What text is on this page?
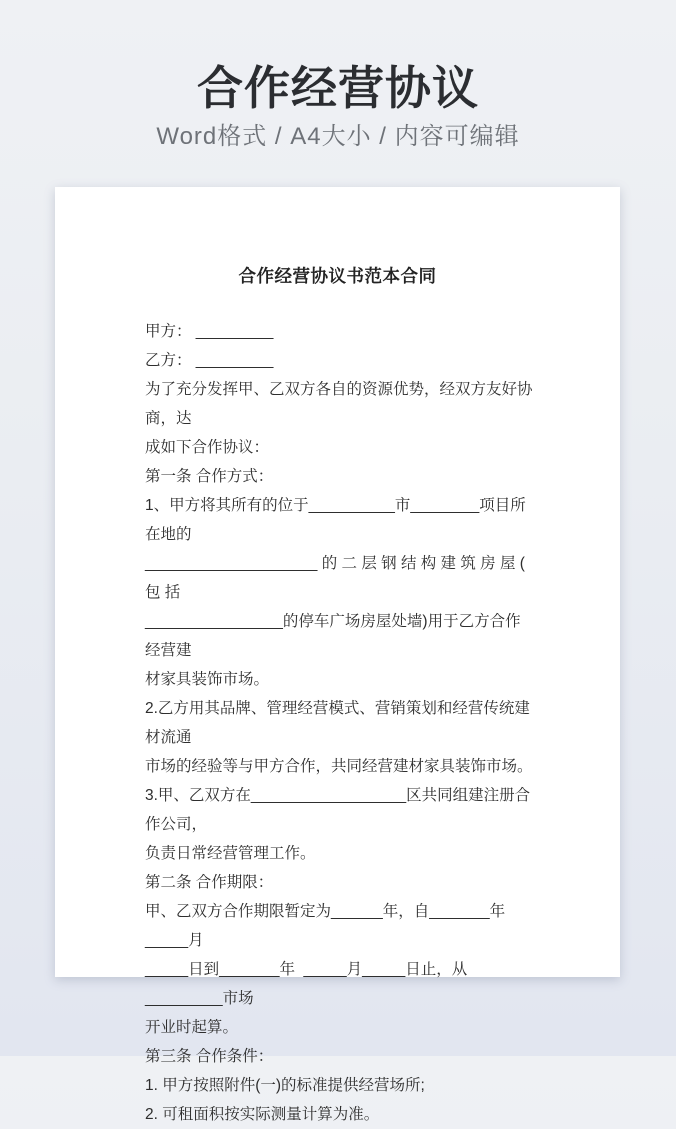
合作经营协议

Word格式 / A4大小 / 内容可编辑

合作经营协议书范本合同
甲方： _________
乙方： _________
为了充分发挥甲、乙双方各自的资源优势，经双方友好协商，达
成如下合作协议：
第一条 合作方式：
1、甲方将其所有的位于__________市________项目所在地的
____________________ 的 二 层 钢 结 构 建 筑 房 屋 ( 包 括
________________的停车广场房屋处墙)用于乙方合作经营建
材家具装饰市场。
2.乙方用其品牌、管理经营模式、营销策划和经营传统建材流通
市场的经验等与甲方合作，共同经营建材家具装饰市场。
3.甲、乙双方在__________________区共同组建注册合作公司，
负责日常经营管理工作。
第二条 合作期限：
甲、乙双方合作期限暂定为______年，自_______年  _____月
_____日到_______年  _____月_____日止，从_________市场
开业时起算。
第三条 合作条件：
1. 甲方按照附件(一)的标准提供经营场所;
2. 可租面积按实际测量计算为准。
